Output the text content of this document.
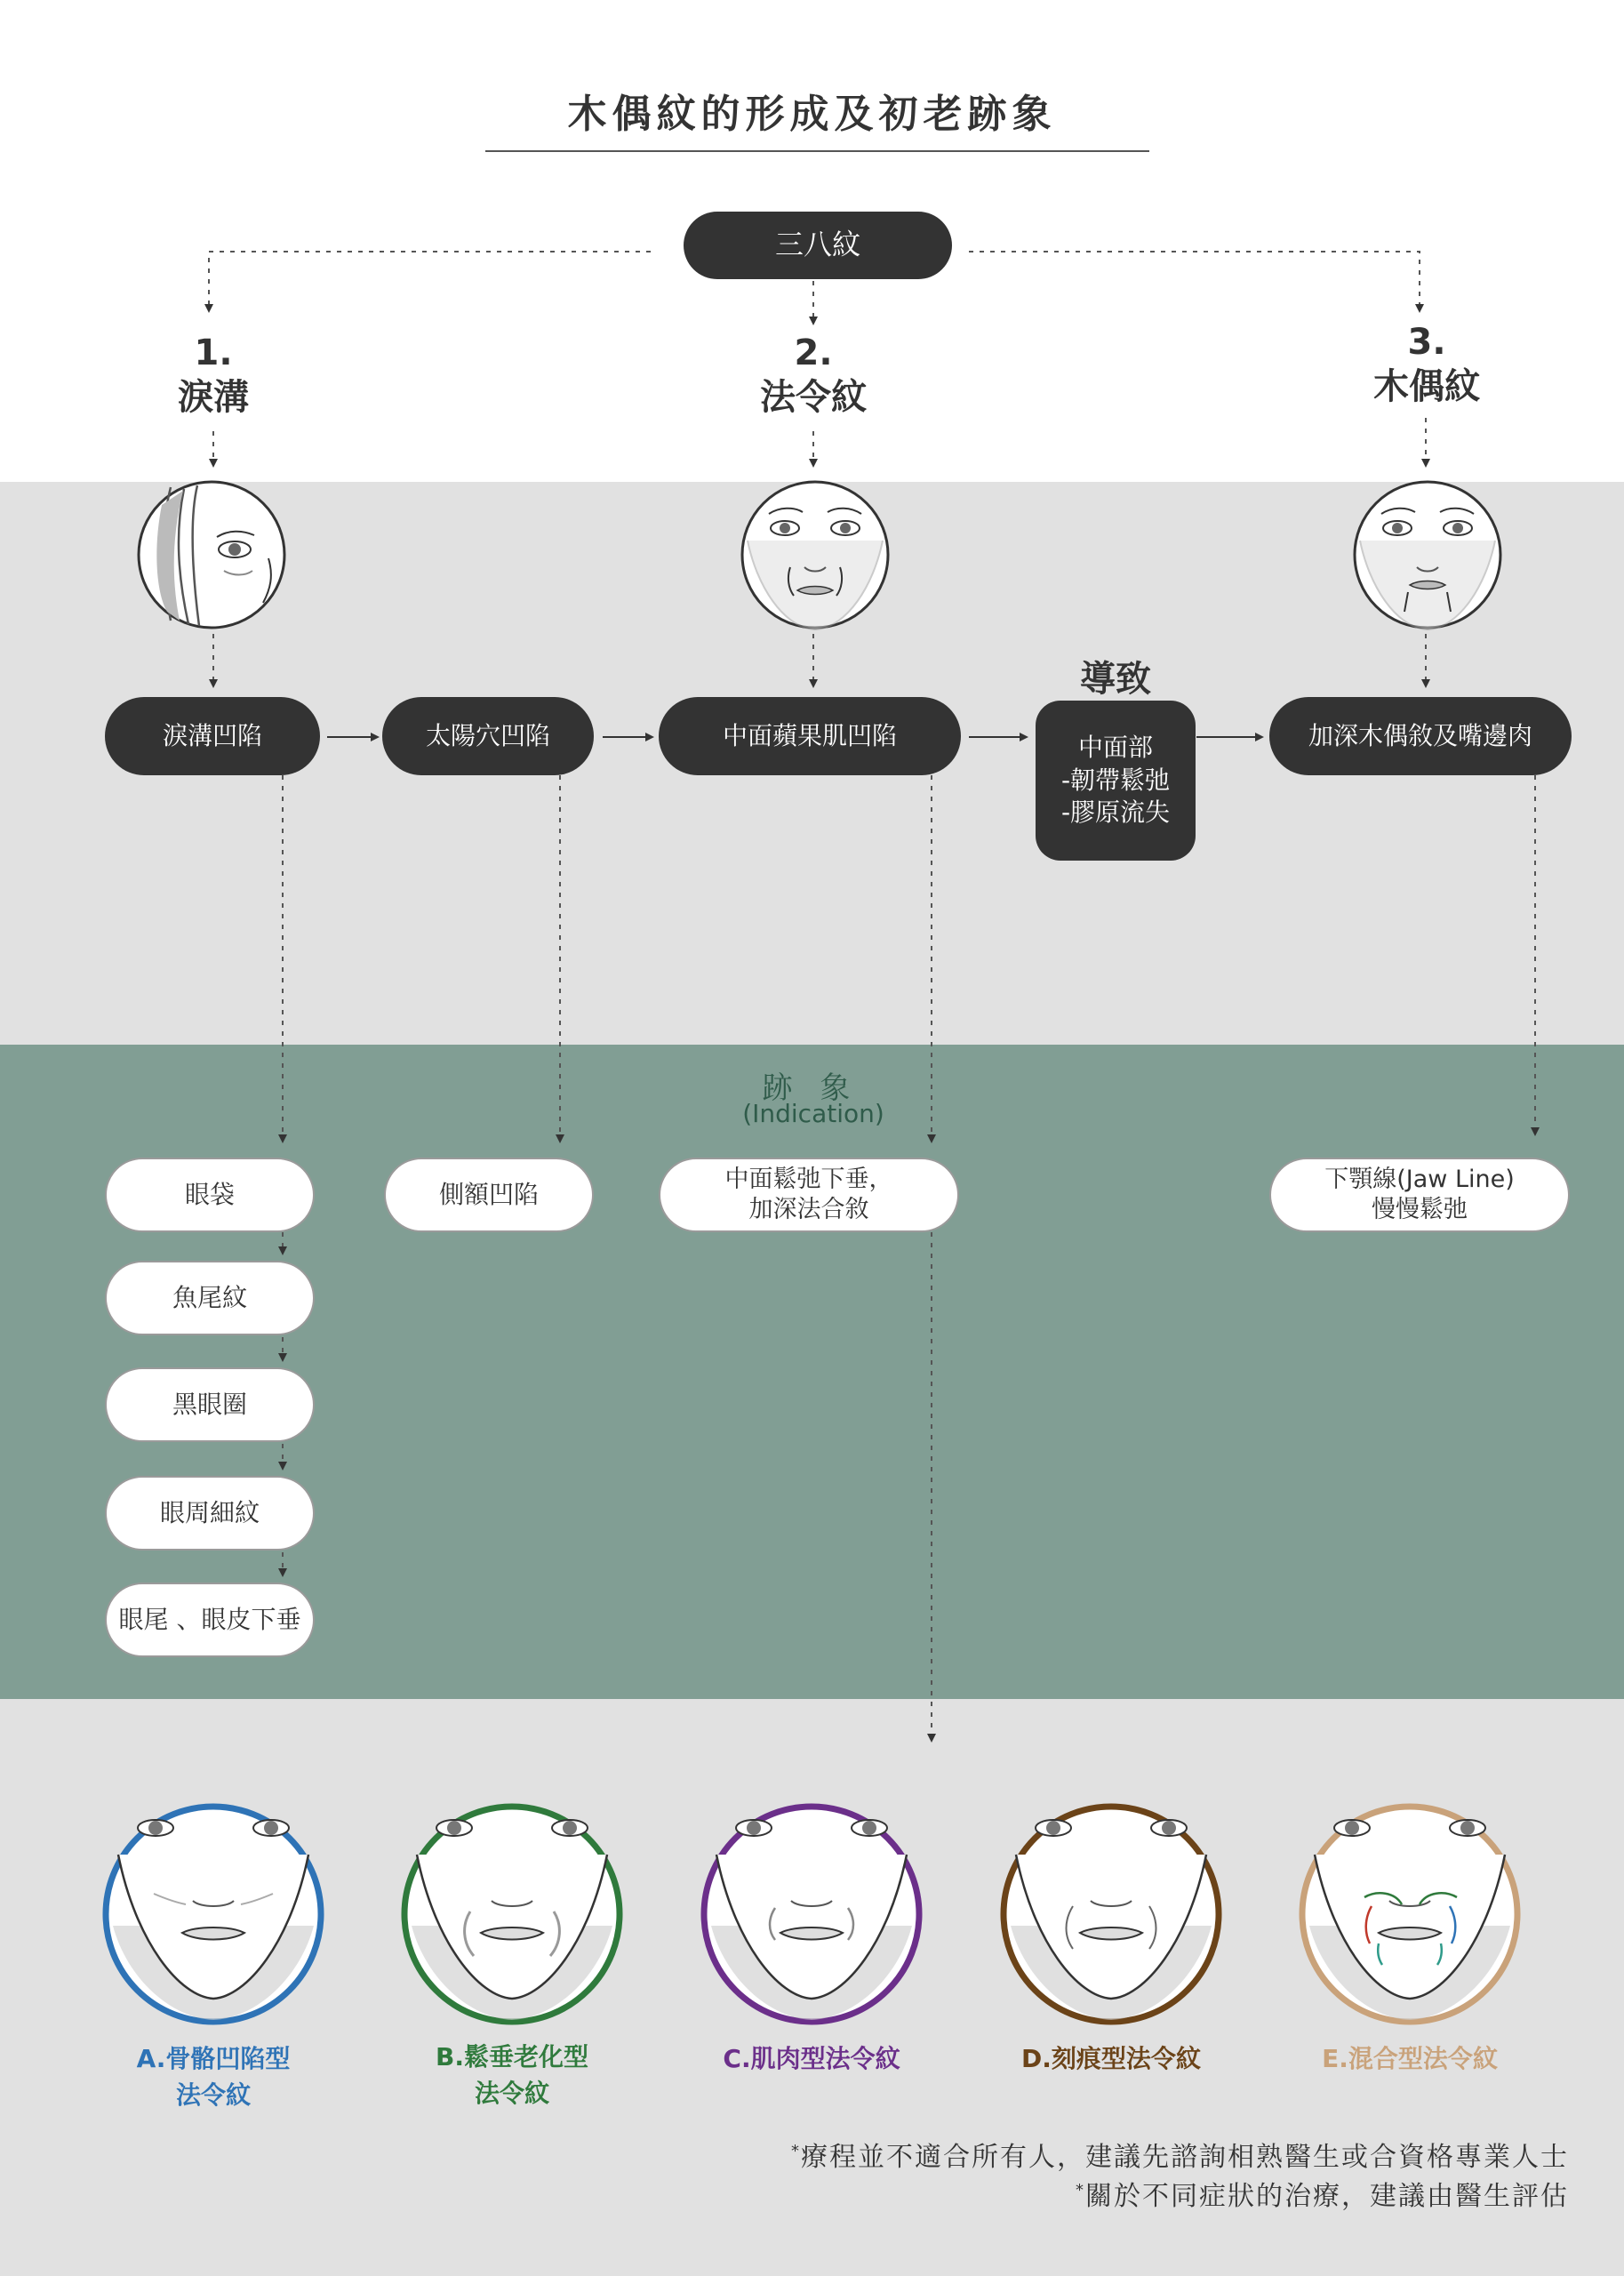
木偶紋的形成及初老跡象
三八紋
1.
淚溝
2.
法令紋
3.
木偶紋
淚溝凹陷	太陽穴凹陷	中面蘋果肌凹陷
導致
中面部
-韌帶鬆弛
-膠原流失
加深木偶敘及嘴邊肉
跡 象
(Indication)
眼袋
魚尾紋
黑眼圈
眼周細紋
眼尾 、眼皮下垂
側額凹陷
中面鬆弛下垂，
加深法合敘
下顎線(Jaw Line)
慢慢鬆弛
A.骨骼凹陷型
法令紋
B.鬆垂老化型
法令紋
C.肌肉型法令紋	D.刻痕型法令紋	E.混合型法令紋
*療程並不適合所有人，建議先諮詢相熟醫生或合資格專業人士
*關於不同症狀的治療，建議由醫生評估
